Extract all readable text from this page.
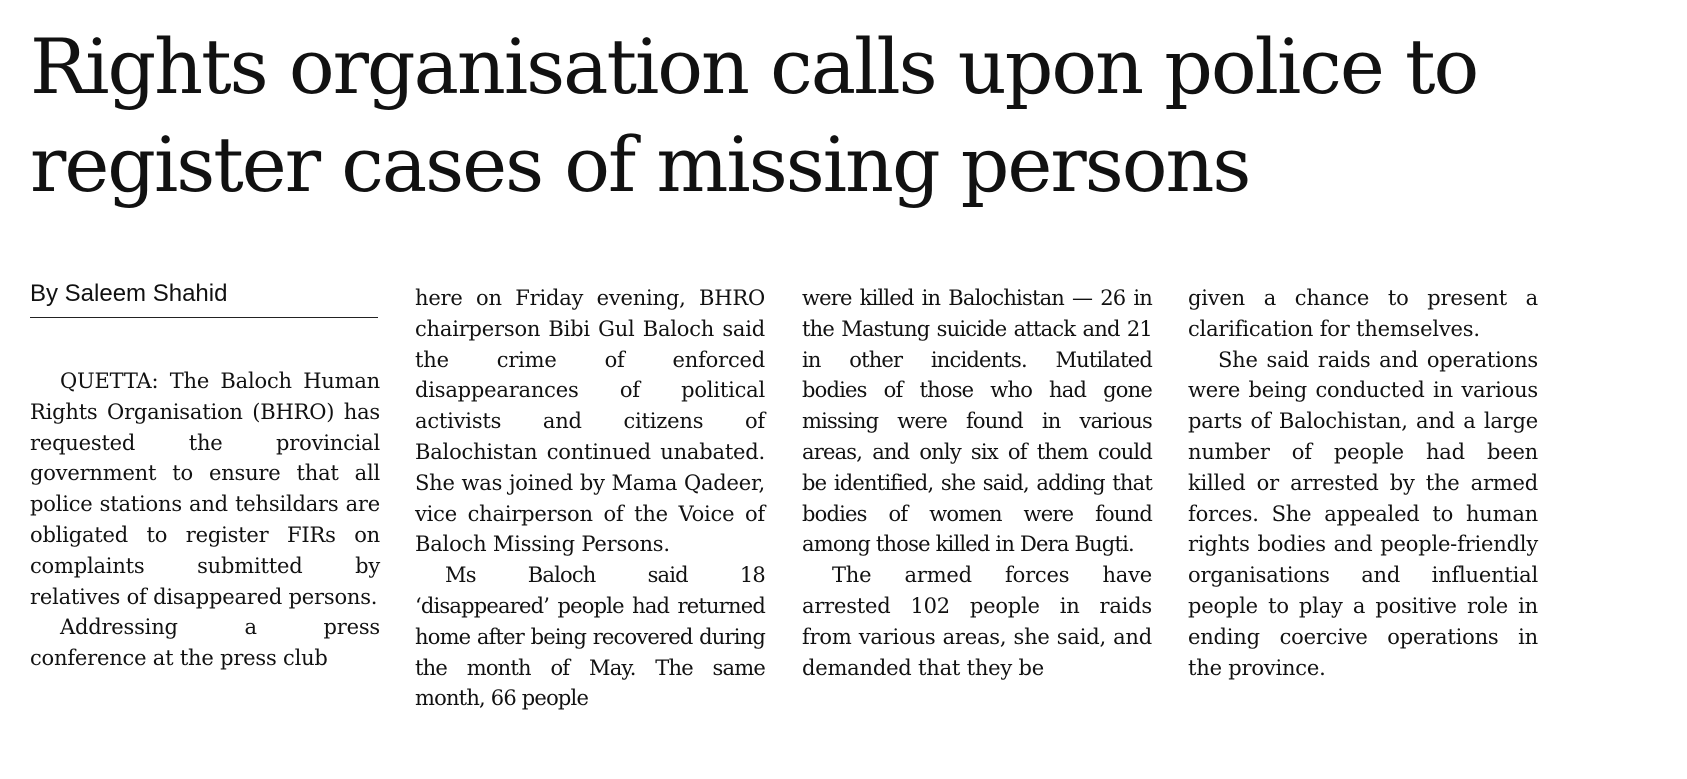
Rights organisation calls upon police to
register cases of missing persons
By Saleem Shahid

QUETTA: The Baloch Human Rights Organisation (BHRO) has requested the provincial government to ensure that all police stations and tehsildars are obligated to register FIRs on complaints submitted by relatives of disappeared persons.

Addressing a press conference at the press club

here on Friday evening, BHRO chairperson Bibi Gul Baloch said the crime of enforced disappearances of political activists and citizens of Balochistan continued unabated. She was joined by Mama Qadeer, vice chairperson of the Voice of Baloch Missing Persons.

Ms Baloch said 18 ‘disappeared’ people had returned home after being recovered during the month of May. The same month, 66 people

were killed in Balochistan — 26 in the Mastung suicide attack and 21 in other incidents. Mutilated bodies of those who had gone missing were found in various areas, and only six of them could be identified, she said, adding that bodies of women were found among those killed in Dera Bugti.

The armed forces have arrested 102 people in raids from various areas, she said, and demanded that they be

given a chance to present a clarification for themselves.

She said raids and operations were being conducted in various parts of Balochistan, and a large number of people had been killed or arrested by the armed forces. She appealed to human rights bodies and people-friendly organisations and influential people to play a positive role in ending coercive operations in the province.
